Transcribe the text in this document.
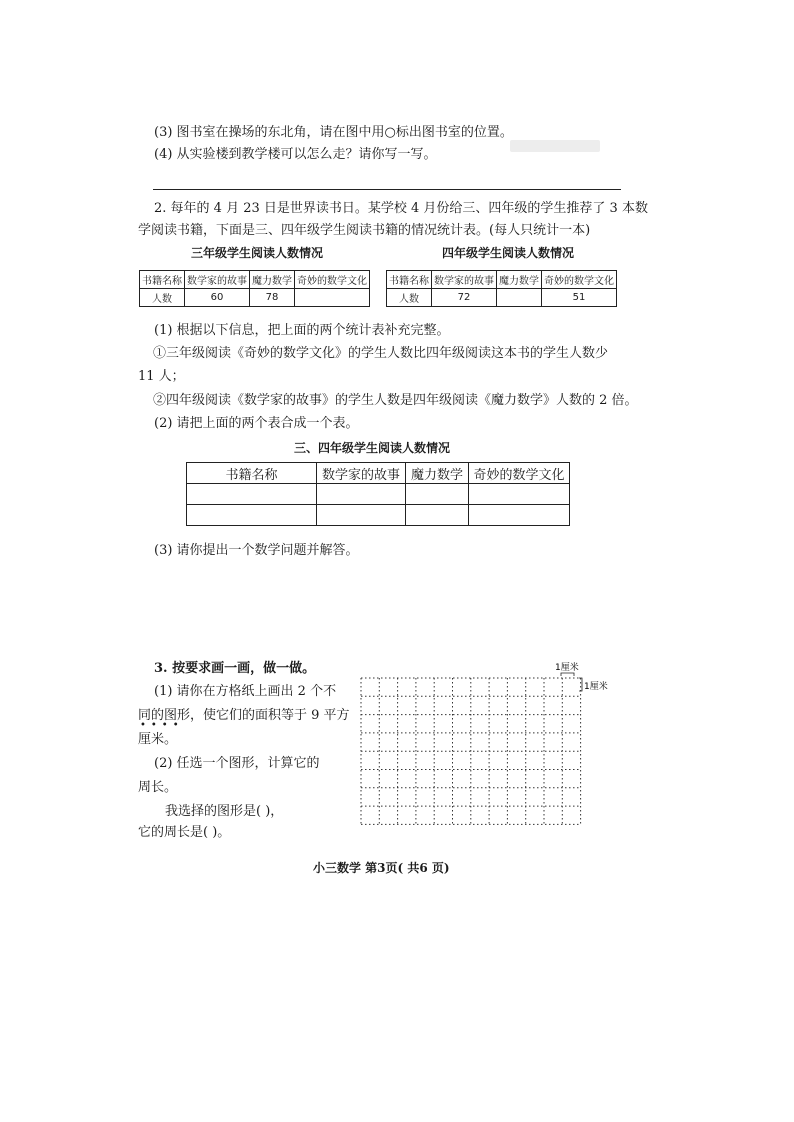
(3) 图书室在操场的东北角，请在图中用○标出图书室的位置。
(4) 从实验楼到教学楼可以怎么走？请你写一写。
2. 每年的 4 月 23 日是世界读书日。某学校 4 月份给三、四年级的学生推荐了 3 本数
学阅读书籍，下面是三、四年级学生阅读书籍的情况统计表。(每人只统计一本)
三年级学生阅读人数情况
书籍名称	数学家的故事	魔力数学	奇妙的数学文化
人数	60	78	
四年级学生阅读人数情况
书籍名称	数学家的故事	魔力数学	奇妙的数学文化
人数	72		51
(1) 根据以下信息，把上面的两个统计表补充完整。
①三年级阅读《奇妙的数学文化》的学生人数比四年级阅读这本书的学生人数少
11 人；
②四年级阅读《数学家的故事》的学生人数是四年级阅读《魔力数学》人数的 2 倍。
(2) 请把上面的两个表合成一个表。
三、四年级学生阅读人数情况
书籍名称	数学家的故事	魔力数学	奇妙的数学文化

(3) 请你提出一个数学问题并解答。
3. 按要求画一画，做一做。
(1) 请你在方格纸上画出 2 个不
同的图形，使它们的面积等于 9 平方
••••
厘米。
(2) 任选一个图形，计算它的
周长。
我选择的图形是( )，
它的周长是( )。
1厘米
1厘米
小三数学 第3页( 共6 页)
